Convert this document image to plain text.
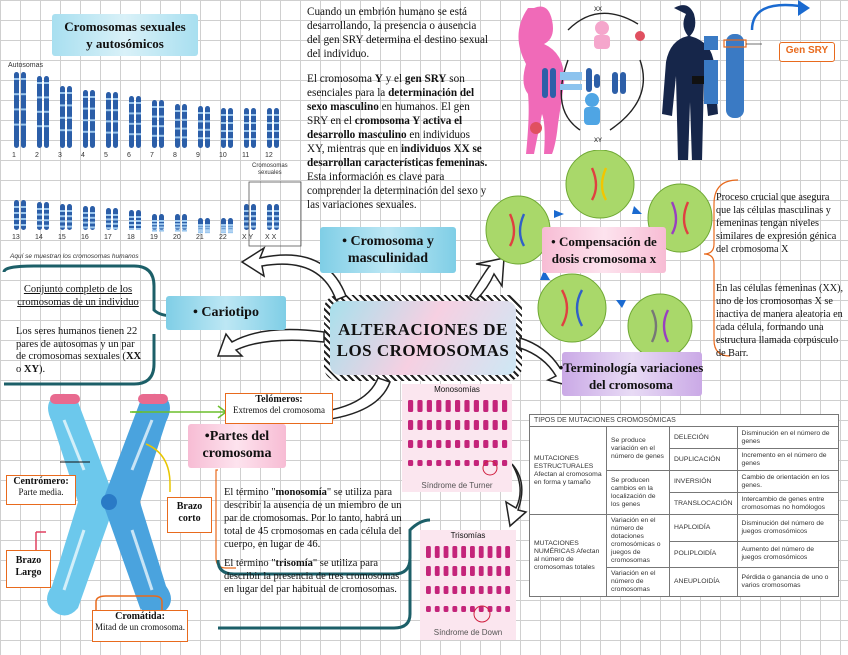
Cromosomas sexuales
y autosómicos
Autosomas
Cromosomas
sexuales
1	2	3	4	5	6	7	8	9	10 11 12
13 14 15 16 17 18 19 20 21 22 X Y X X
Aquí se muestran los cromosomas humanos
Cuando un embrión humano se está desarrollando, la presencia o ausencia del gen SRY determina el destino sexual del individuo.
El cromosoma Y y el gen SRY son esenciales para la determinación del sexo masculino en humanos. El gen SRY en el cromosoma Y activa el desarrollo masculino en individuos XY, mientras que en individuos XX se desarrollan características femeninas. Esta información es clave para comprender la determinación del sexo y las variaciones sexuales.
XY
XX
Gen SRY
ALTERACIONES DE
LOS CROMOSOMAS
• Cromosoma y
masculinidad
• Cariotipo
Conjunto completo de los cromosomas de un individuo
Los seres humanos tienen 22 pares de autosomas y un par de cromosomas sexuales (XX o XY).
• Compensación de
dosis cromosoma x
Proceso crucial que asegura que las células masculinas y femeninas tengan niveles similares de expresión génica del cromosoma X
En las células femeninas (XX), uno de los cromosomas X se inactiva de manera aleatoria en cada célula, formando una estructura llamada corpúsculo de Barr.
•Terminología variaciones
del cromosoma
Telómeros:
Extremos del cromosoma
•Partes del
cromosoma
Centrómero:
Parte media.
Brazo
corto
Brazo
Largo
Cromátida:
Mitad de un cromosoma.
El término "monosomía" se utiliza para describir la ausencia de un miembro de un par de cromosomas. Por lo tanto, habrá un total de 45 cromosomas en cada célula del cuerpo, en lugar de 46.
El término "trisomía" se utiliza para describir la presencia de tres cromosomas en lugar del par habitual de cromosomas.
Monosomías
Síndrome de Turner
Trisomías
Síndrome de Down
TIPOS DE MUTACIONES CROMOSÓMICAS
MUTACIONES ESTRUCTURALES Afectan al cromosoma en forma y tamaño	Se produce variación en el número de genes	DELECIÓN	Disminución en el número de genes
		DUPLICACIÓN	Incremento en el número de genes
	Se producen cambios en la localización de los genes	INVERSIÓN	Cambio de orientación en los genes.
		TRANSLOCACIÓN	Intercambio de genes entre cromosomas no homólogos
MUTACIONES NUMÉRICAS Afectan al número de cromosomas totales	Variación en el número de dotaciones cromosómicas o juegos de cromosomas	HAPLOIDÍA	Disminución del número de juegos cromosómicos
		POLIPLOIDÍA	Aumento del número de juegos cromosómicos
	Variación en el número de cromosomas	ANEUPLOIDÍA	Pérdida o ganancia de uno o varios cromosomas
